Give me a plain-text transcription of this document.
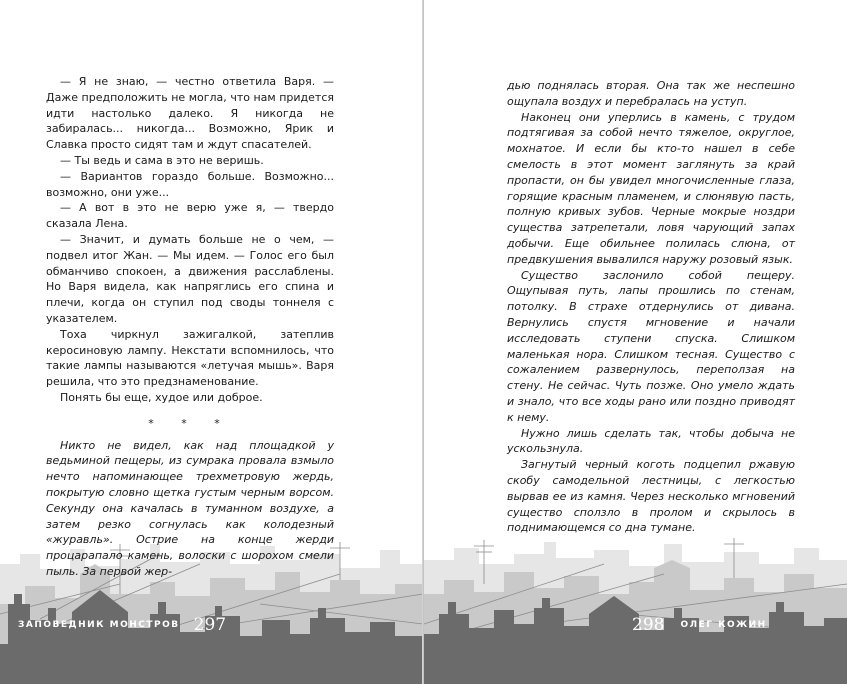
— Я не знаю, — честно ответила Варя. — Даже предположить не могла, что нам придется идти настолько далеко. Я никогда не забиралась... никогда... Возможно, Ярик и Славка просто сидят там и ждут спасателей.

— Ты ведь и сама в это не веришь.

— Вариантов гораздо больше. Возможно... возможно, они уже...

— А вот в это не верю уже я, — твердо сказала Лена.

— Значит, и думать больше не о чем, — подвел итог Жан. — Мы идем. — Голос его был обманчиво спокоен, а движения расслаблены. Но Варя видела, как напряглись его спина и плечи, когда он ступил под своды тоннеля с указателем.

Тоха чиркнул зажигалкой, затеплив керосиновую лампу. Некстати вспомнилось, что такие лампы называются «летучая мышь». Варя решила, что это предзнаменование.

Понять бы еще, худое или доброе.

* * *

Никто не видел, как над площадкой у ведьминой пещеры, из сумрака провала взмыло нечто напоминающее трехметровую жердь, покрытую словно щетка густым черным ворсом. Секунду она качалась в туманном воздухе, а затем резко согнулась как колодезный «журавль». Острие на конце жерди процарапало камень, волоски с шорохом смели пыль. За первой жер-

ЗАПОВЕДНИК МОНСТРОВ 297

дью поднялась вторая. Она так же неспешно ощупала воздух и перебралась на уступ.

Наконец они уперлись в камень, с трудом подтягивая за собой нечто тяжелое, округлое, мохнатое. И если бы кто-то нашел в себе смелость в этот момент заглянуть за край пропасти, он бы увидел многочисленные глаза, горящие красным пламенем, и слюнявую пасть, полную кривых зубов. Черные мокрые ноздри существа затрепетали, ловя чарующий запах добычи. Еще обильнее полилась слюна, от предвкушения вывалился наружу розовый язык.

Существо заслонило собой пещеру. Ощупывая путь, лапы прошлись по стенам, потолку. В страхе отдернулись от дивана. Вернулись спустя мгновение и начали исследовать ступени спуска. Слишком маленькая нора. Слишком тесная. Существо с сожалением развернулось, переползая на стену. Не сейчас. Чуть позже. Оно умело ждать и знало, что все ходы рано или поздно приводят к нему.

Нужно лишь сделать так, чтобы добыча не ускользнула.

Загнутый черный коготь подцепил ржавую скобу самодельной лестницы, с легкостью вырвав ее из камня. Через несколько мгновений существо сползло в пролом и скрылось в поднимающемся со дна тумане.

298 ОЛЕГ КОЖИН
